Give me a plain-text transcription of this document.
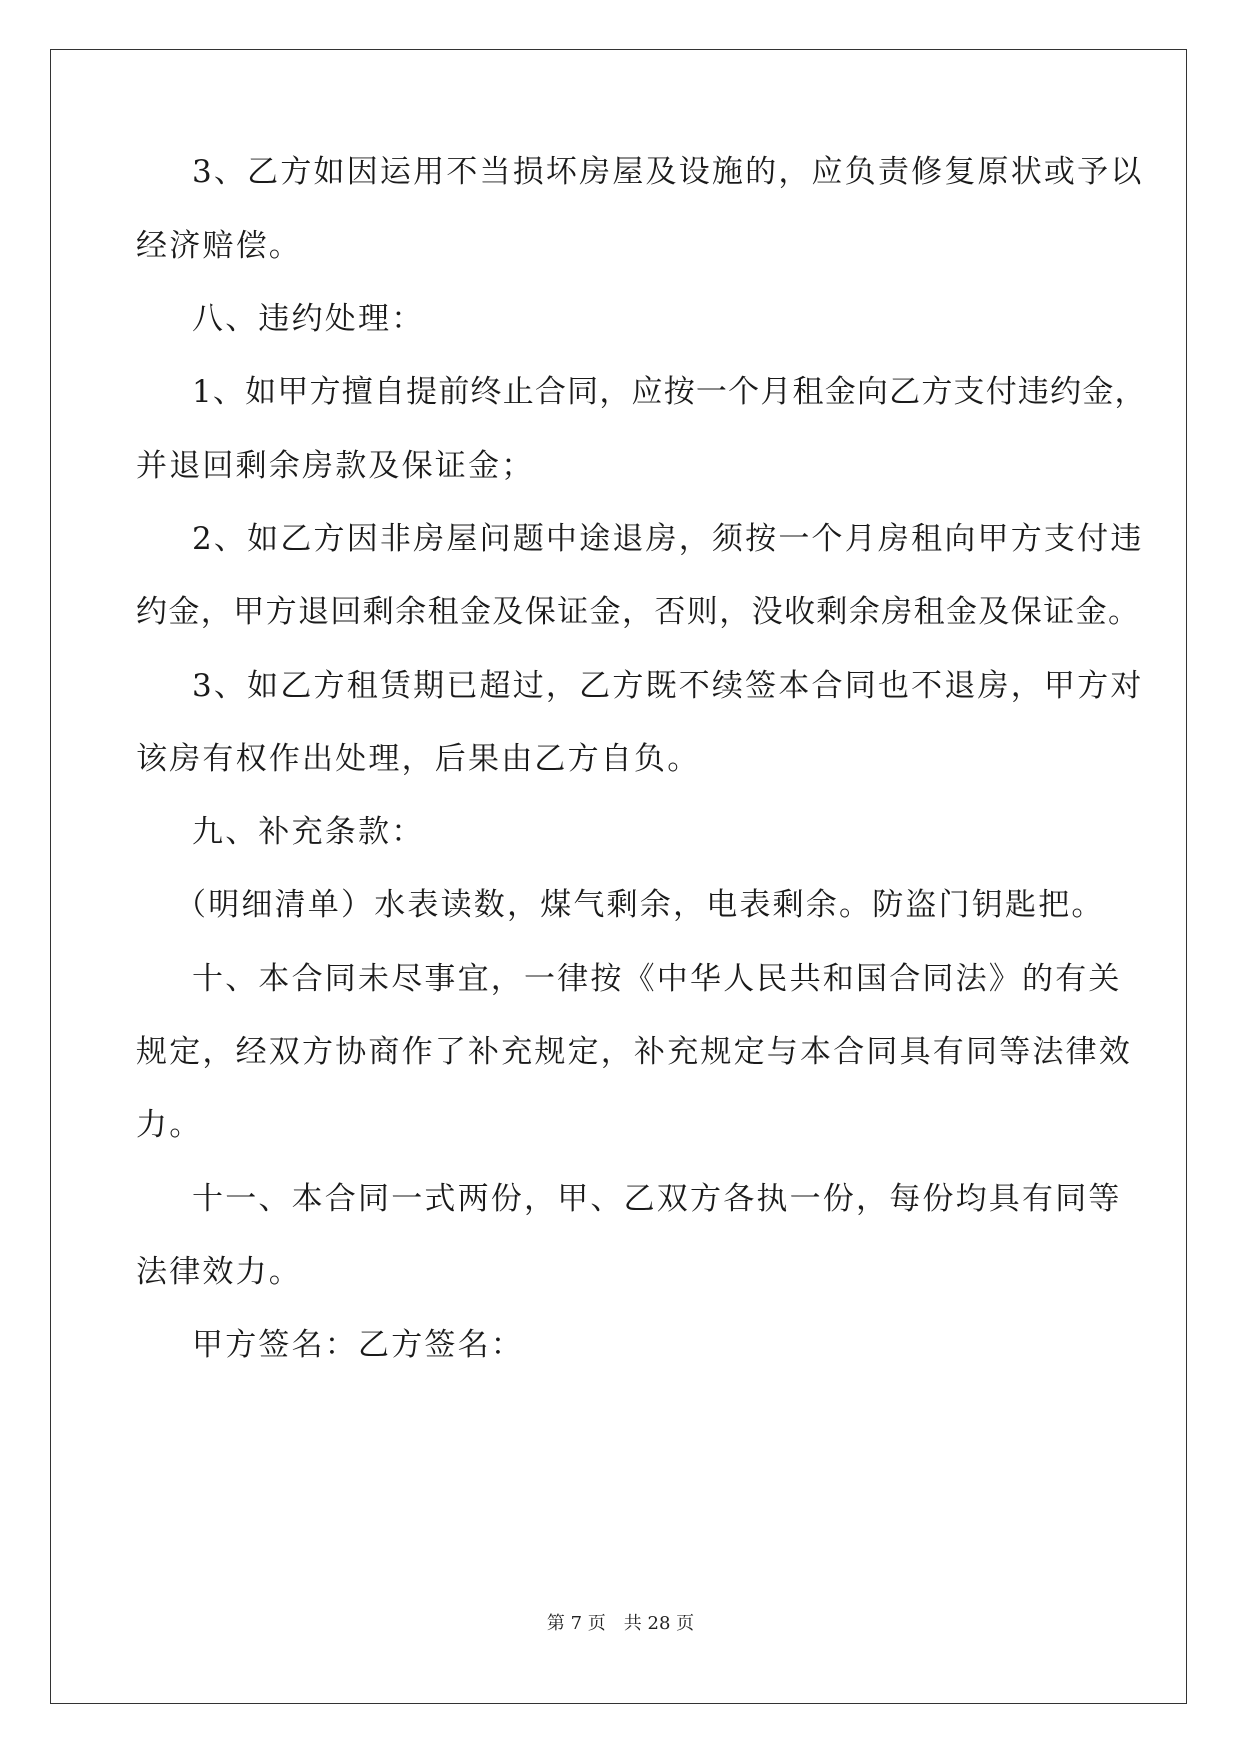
3、乙方如因运用不当损坏房屋及设施的，应负责修复原状或予以
经济赔偿。
八、违约处理：
1、如甲方擅自提前终止合同，应按一个月租金向乙方支付违约金，
并退回剩余房款及保证金；
2、如乙方因非房屋问题中途退房，须按一个月房租向甲方支付违
约金，甲方退回剩余租金及保证金，否则，没收剩余房租金及保证金。
3、如乙方租赁期已超过，乙方既不续签本合同也不退房，甲方对
该房有权作出处理，后果由乙方自负。
九、补充条款：
（明细清单）水表读数，煤气剩余，电表剩余。防盗门钥匙把。
十、本合同未尽事宜，一律按《中华人民共和国合同法》的有关
规定，经双方协商作了补充规定，补充规定与本合同具有同等法律效
力。
十一、本合同一式两份，甲、乙双方各执一份，每份均具有同等
法律效力。
甲方签名：乙方签名：
第 7 页 共 28 页
